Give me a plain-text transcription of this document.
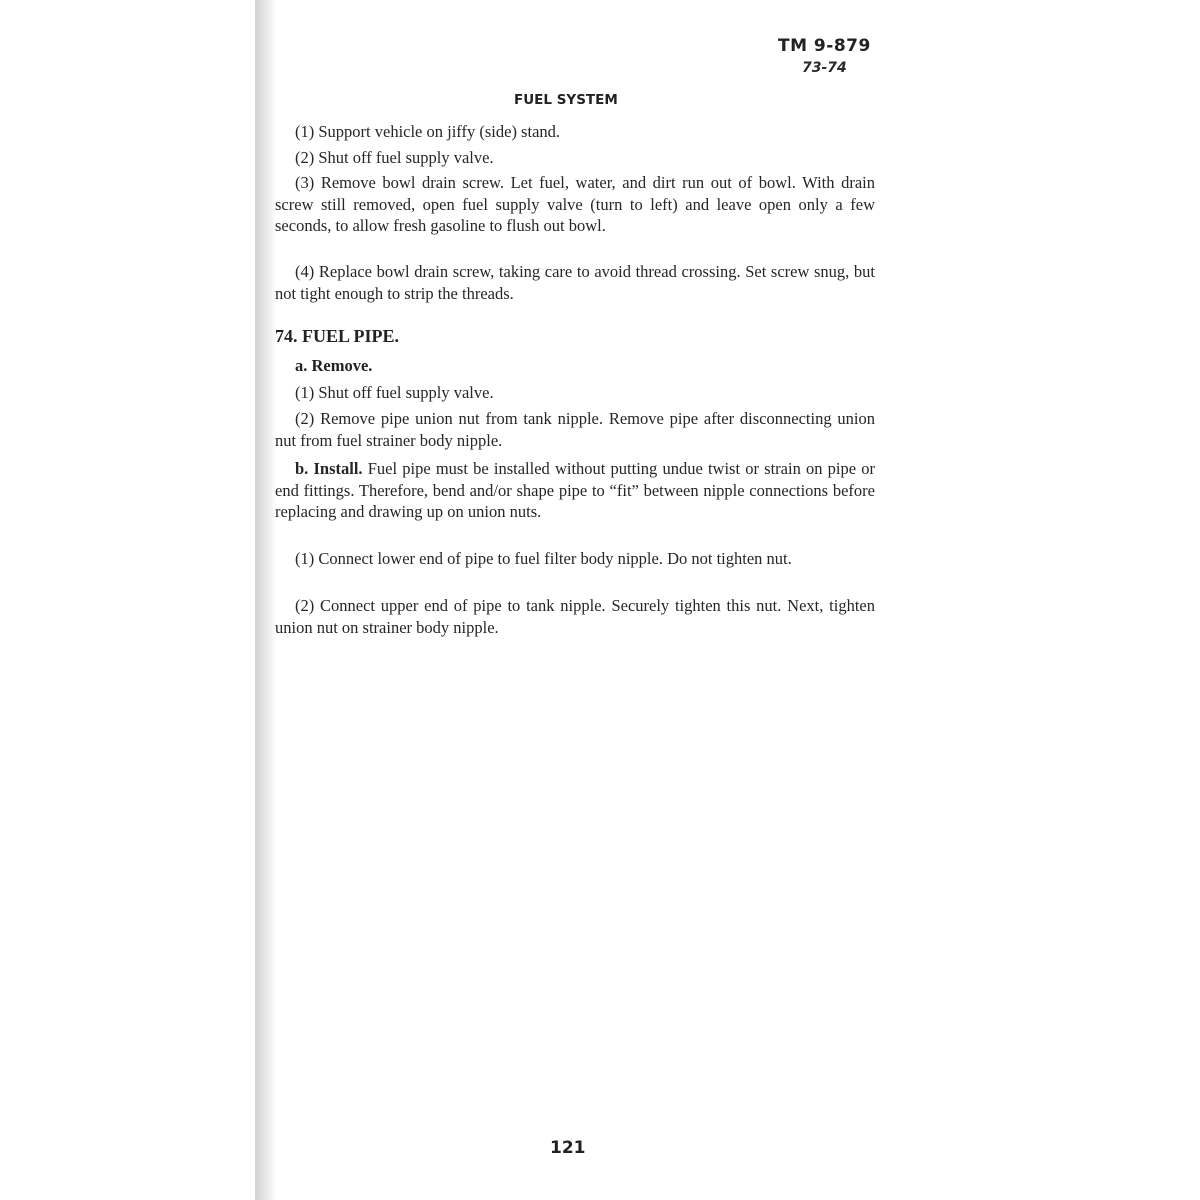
TM 9-879
73-74
FUEL SYSTEM

(1) Support vehicle on jiffy (side) stand.

(2) Shut off fuel supply valve.

(3) Remove bowl drain screw. Let fuel, water, and dirt run out of bowl. With drain screw still removed, open fuel supply valve (turn to left) and leave open only a few seconds, to allow fresh gasoline to flush out bowl.

(4) Replace bowl drain screw, taking care to avoid thread crossing. Set screw snug, but not tight enough to strip the threads.

74. FUEL PIPE.
a. Remove.

(1) Shut off fuel supply valve.

(2) Remove pipe union nut from tank nipple. Remove pipe after disconnecting union nut from fuel strainer body nipple.

b. Install. Fuel pipe must be installed without putting undue twist or strain on pipe or end fittings. Therefore, bend and/or shape pipe to “fit” between nipple connections before replacing and drawing up on union nuts.

(1) Connect lower end of pipe to fuel filter body nipple. Do not tighten nut.

(2) Connect upper end of pipe to tank nipple. Securely tighten this nut. Next, tighten union nut on strainer body nipple.

121
